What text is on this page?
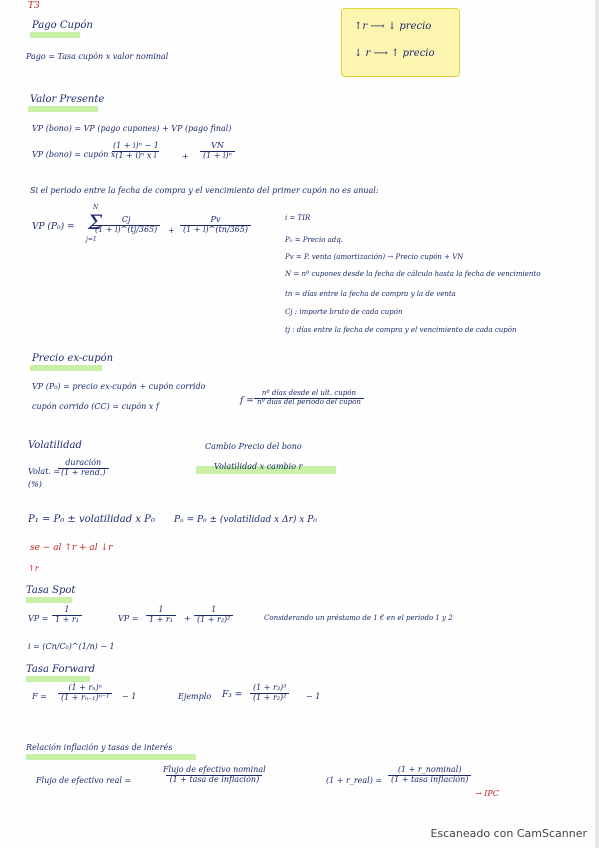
T3
↑r ⟶ ↓ precio
↓ r ⟶ ↑ precio
Pago Cupón
Pago = Tasa cupón x valor nominal
Valor Presente
VP (bono) = VP (pago cupones) + VP (pago final)
VP (bono) = cupón x
$\frac{\text{(1 + i)ⁿ − 1}}{\text{(1 + i)ⁿ x i}}$	+ $\frac{VN}{\text{(1 + i)ⁿ}}$
Si el periodo entre la fecha de compra y el vencimiento del primer cupón no es anual:
VP (P₀) =
N
Σ
j=1
$\frac{Cj}{(1 + i)\^{}(tj/365)} + \frac{Pv}{(1 + i)\^{}(tn/365)}$	i = TIR
P₀ = Precio adq.
Pv = P. venta (amortización) → Precio cupón + VN
N = nº cupones desde la fecha de cálculo hasta la fecha de vencimiento
tn = días entre la fecha de compra y la de venta
Cj : importe bruto de cada cupón
tj : días entre la fecha de compra y el vencimiento de cada cupón
Precio ex-cupón
VP (P₀) = precio ex-cupón + cupón corrido
cupón corrido (CC) = cupón x f
f =
nº días desde el ult. cupón
nº días del periodo del cupón
Volatilidad
Volat. =
(%)
duración
(1 + rend.)
Cambio Precio del bono
Volatilidad x cambio r
P₁ = P₀ ± volatilidad x P₀ Pₙ = P₀ ± (volatilidad x Δr) x P₀
se − al ↑r + al ↓r
↑r
Tasa Spot
VP = $\frac{1}{\text{1 + r₁}}$	VP = $\frac{1}{\text{1 + r₁}} + \frac{1}{\text{(1 + r₂)²}}$	Considerando un préstamo de 1 € en el periodo 1 y 2
i = (Cn/C₀)^(1/n) − 1
Tasa Forward
$F = \frac{\text{(1 + rₙ)ⁿ}}{\text{(1 + rₙ₋₁)ⁿ⁻¹}} - 1$	Ejemplo $F_3 = \frac{\text{(1 + r₃)³}}{\text{(1 + r₂)²}} - 1$
Relación inflación y tasas de interés
Flujo de efectivo real =
Flujo de efectivo nominal
(1 + tasa de inflación)	(1 + r_real) =
(1 + r_nominal)
(1 + tasa inflación)
→ IPC
Escaneado con CamScanner
